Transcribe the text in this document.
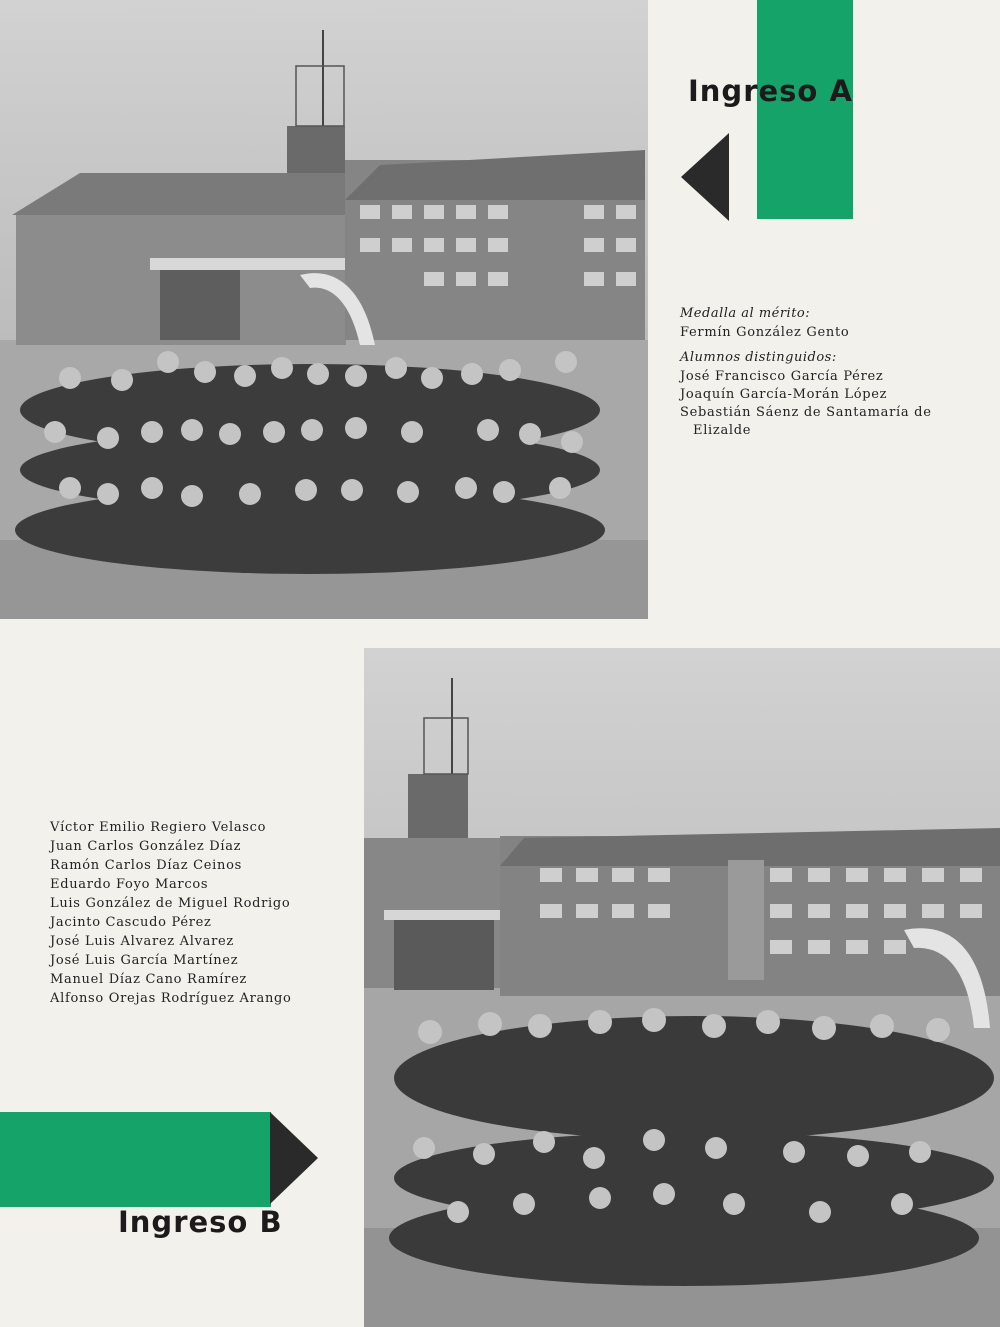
Ingreso A

Medalla al mérito:

Fermín González Gento

Alumnos distinguidos:

José Francisco García Pérez

Joaquín García-Morán López

Sebastián Sáenz de Santamaría de

Elizalde

Víctor Emilio Regiero Velasco
Juan Carlos González Díaz
Ramón Carlos Díaz Ceinos
Eduardo Foyo Marcos
Luis González de Miguel Rodrigo
Jacinto Cascudo Pérez
José Luis Alvarez Alvarez
José Luis García Martínez
Manuel Díaz Cano Ramírez
Alfonso Orejas Rodríguez Arango
Ingreso B
